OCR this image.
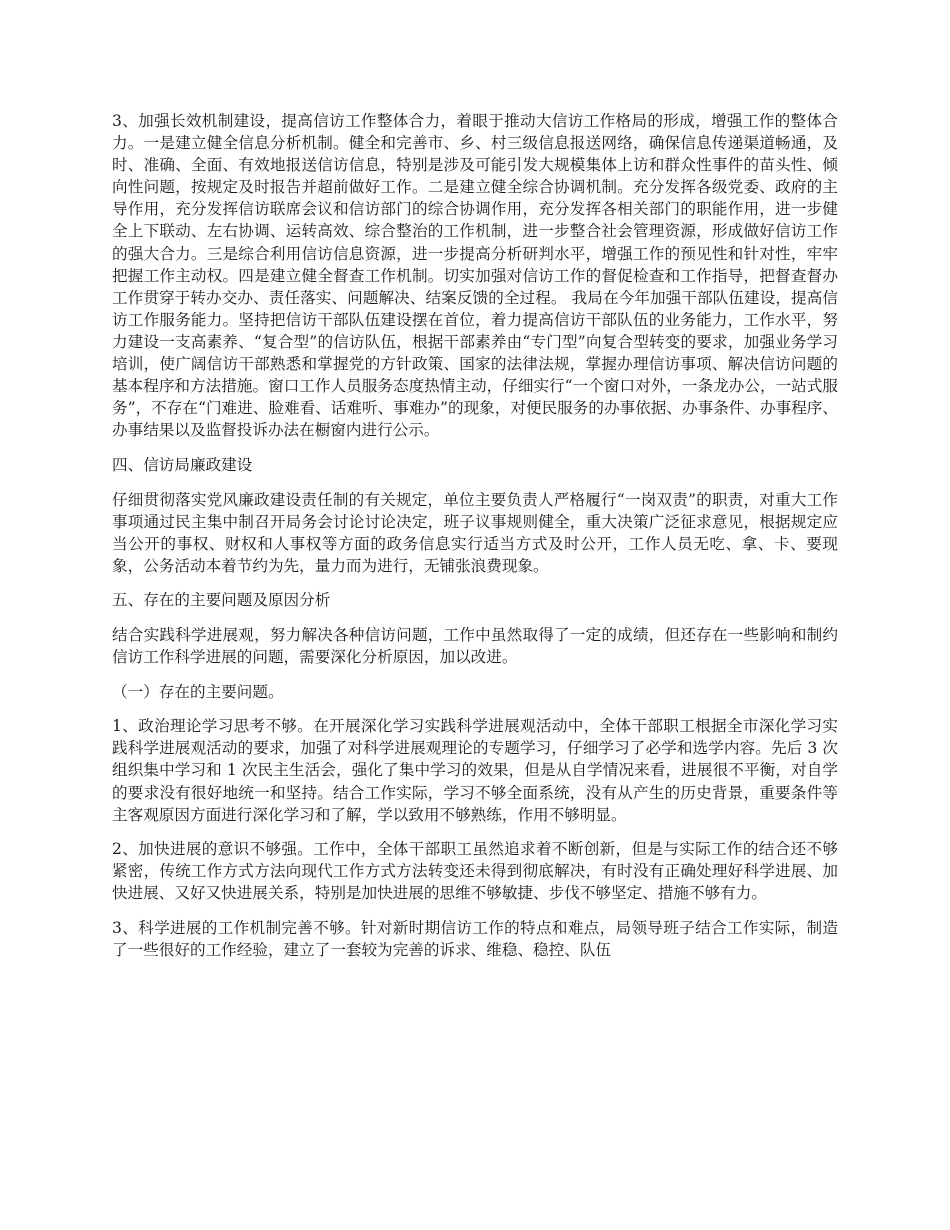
3、加强长效机制建设，提高信访工作整体合力，着眼于推动大信访工作格局的形成，增强工作的整体合力。一是建立健全信息分析机制。健全和完善市、乡、村三级信息报送网络，确保信息传递渠道畅通，及时、准确、全面、有效地报送信访信息，特别是涉及可能引发大规模集体上访和群众性事件的苗头性、倾向性问题，按规定及时报告并超前做好工作。二是建立健全综合协调机制。充分发挥各级党委、政府的主导作用，充分发挥信访联席会议和信访部门的综合协调作用，充分发挥各相关部门的职能作用，进一步健全上下联动、左右协调、运转高效、综合整治的工作机制，进一步整合社会管理资源，形成做好信访工作的强大合力。三是综合利用信访信息资源，进一步提高分析研判水平，增强工作的预见性和针对性，牢牢把握工作主动权。四是建立健全督查工作机制。切实加强对信访工作的督促检查和工作指导，把督查督办工作贯穿于转办交办、责任落实、问题解决、结案反馈的全过程。 我局在今年加强干部队伍建设，提高信访工作服务能力。坚持把信访干部队伍建设摆在首位，着力提高信访干部队伍的业务能力，工作水平，努力建设一支高素养、“复合型”的信访队伍，根据干部素养由“专门型”向复合型转变的要求，加强业务学习培训，使广阔信访干部熟悉和掌握党的方针政策、国家的法律法规，掌握办理信访事项、解决信访问题的基本程序和方法措施。窗口工作人员服务态度热情主动，仔细实行“一个窗口对外，一条龙办公，一站式服务”，不存在“门难进、脸难看、话难听、事难办”的现象，对便民服务的办事依据、办事条件、办事程序、办事结果以及监督投诉办法在橱窗内进行公示。

四、信访局廉政建设

仔细贯彻落实党风廉政建设责任制的有关规定，单位主要负责人严格履行“一岗双责”的职责，对重大工作事项通过民主集中制召开局务会讨论讨论决定，班子议事规则健全，重大决策广泛征求意见，根据规定应当公开的事权、财权和人事权等方面的政务信息实行适当方式及时公开，工作人员无吃、拿、卡、要现象，公务活动本着节约为先，量力而为进行，无铺张浪费现象。

五、存在的主要问题及原因分析

结合实践科学进展观，努力解决各种信访问题，工作中虽然取得了一定的成绩，但还存在一些影响和制约信访工作科学进展的问题，需要深化分析原因，加以改进。

（一）存在的主要问题。

1、政治理论学习思考不够。在开展深化学习实践科学进展观活动中，全体干部职工根据全市深化学习实践科学进展观活动的要求，加强了对科学进展观理论的专题学习，仔细学习了必学和选学内容。先后 3 次组织集中学习和 1 次民主生活会，强化了集中学习的效果，但是从自学情况来看，进展很不平衡，对自学的要求没有很好地统一和坚持。结合工作实际，学习不够全面系统，没有从产生的历史背景，重要条件等主客观原因方面进行深化学习和了解，学以致用不够熟练，作用不够明显。

2、加快进展的意识不够强。工作中，全体干部职工虽然追求着不断创新，但是与实际工作的结合还不够紧密，传统工作方式方法向现代工作方式方法转变还未得到彻底解决，有时没有正确处理好科学进展、加快进展、又好又快进展关系，特别是加快进展的思维不够敏捷、步伐不够坚定、措施不够有力。

3、科学进展的工作机制完善不够。针对新时期信访工作的特点和难点，局领导班子结合工作实际，制造了一些很好的工作经验，建立了一套较为完善的诉求、维稳、稳控、队伍
